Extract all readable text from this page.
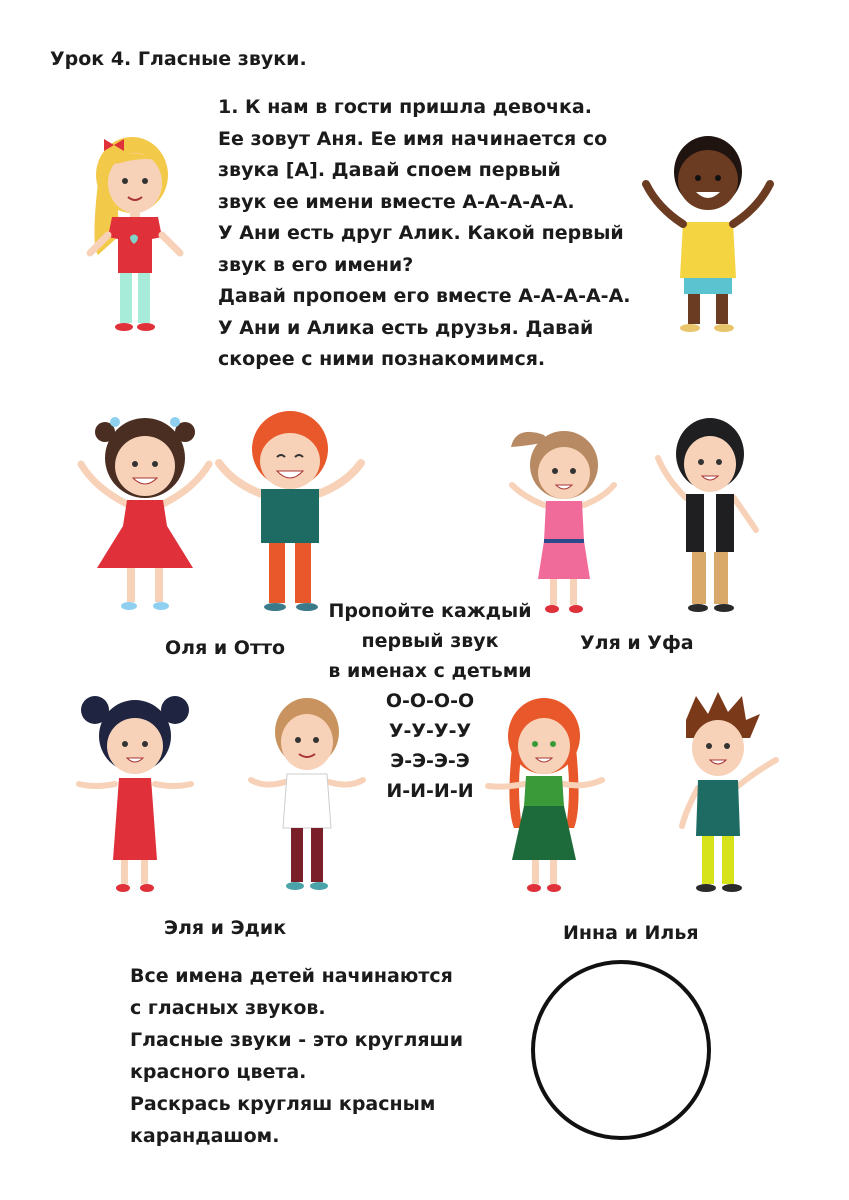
Урок 4. Гласные звуки.
1. К нам в гости пришла девочка.
Ее зовут Аня. Ее имя начинается со
звука [А]. Давай споем первый
звук ее имени вместе А-А-А-А-А.
У Ани есть друг Алик. Какой первый
звук в его имени?
Давай пропоем его вместе А-А-А-А-А.
У Ани и Алика есть друзья. Давай
скорее с ними познакомимся.
Оля и Отто	Уля и Уфа
Эля и Эдик	Инна и Илья
Пропойте каждый
первый звук
в именах с детьми
О-О-О-О
У-У-У-У
Э-Э-Э-Э
И-И-И-И
Все имена детей начинаются
с гласных звуков.
Гласные звуки - это кругляши
красного цвета.
Раскрась кругляш красным
карандашом.
